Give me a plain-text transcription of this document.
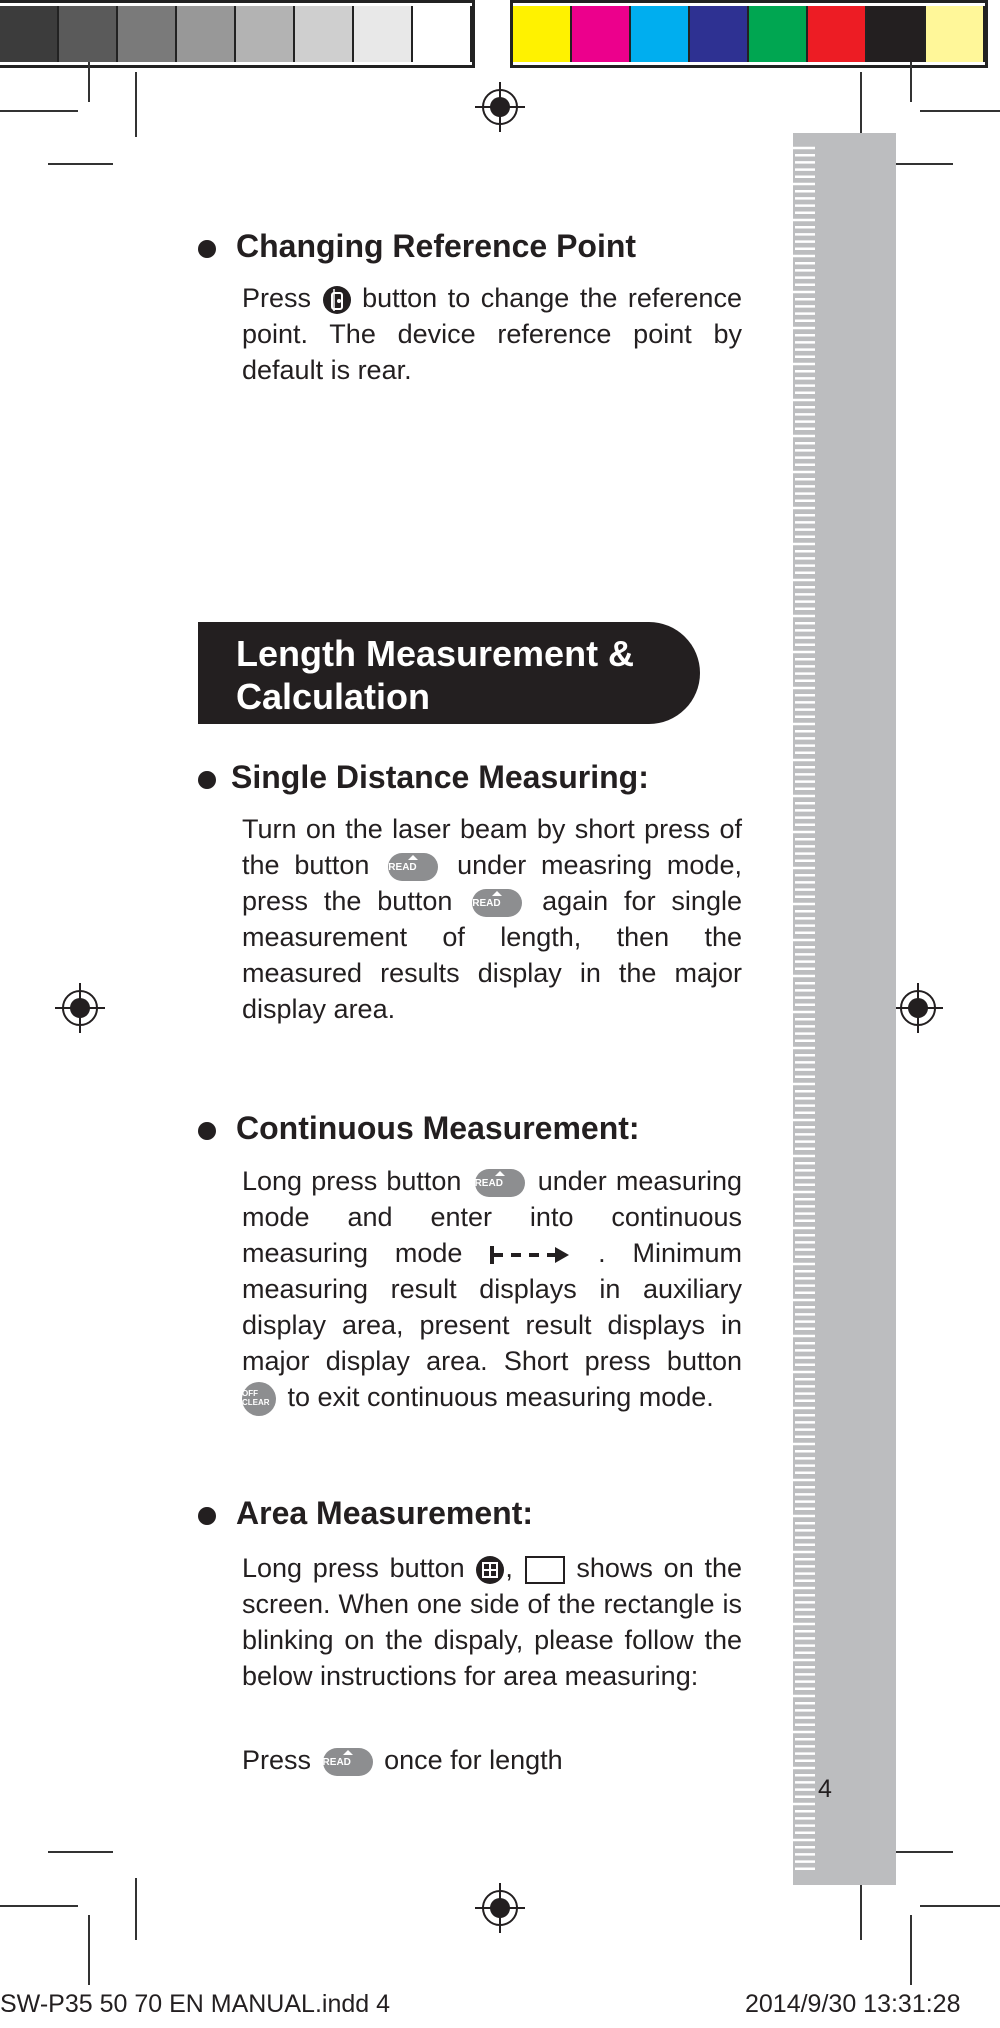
4
Changing Reference Point
Press button to change the reference
point. The device reference point by default is rear.
Length Measurement &
Calculation
Single Distance Measuring:
Turn on the laser beam by short press of the button READ under measring mode, press the button READ again for single measurement of length, then the measured results display in the major display area.
Continuous Measurement:
Long press button READ under measuring mode and enter into continuous measuring mode	. Minimum measuring result displays in auxiliary display area, present result displays in major display area. Short press button OFF
CLEAR to exit continuous measuring mode.
Area Measurement:
Long press button , shows on the screen. When one side of the rectangle is blinking on the dispaly, please follow the below instructions for area measuring:
Press READ once for length
SW-P35 50 70 EN MANUAL.indd 4	2014/9/30 13:31:28
